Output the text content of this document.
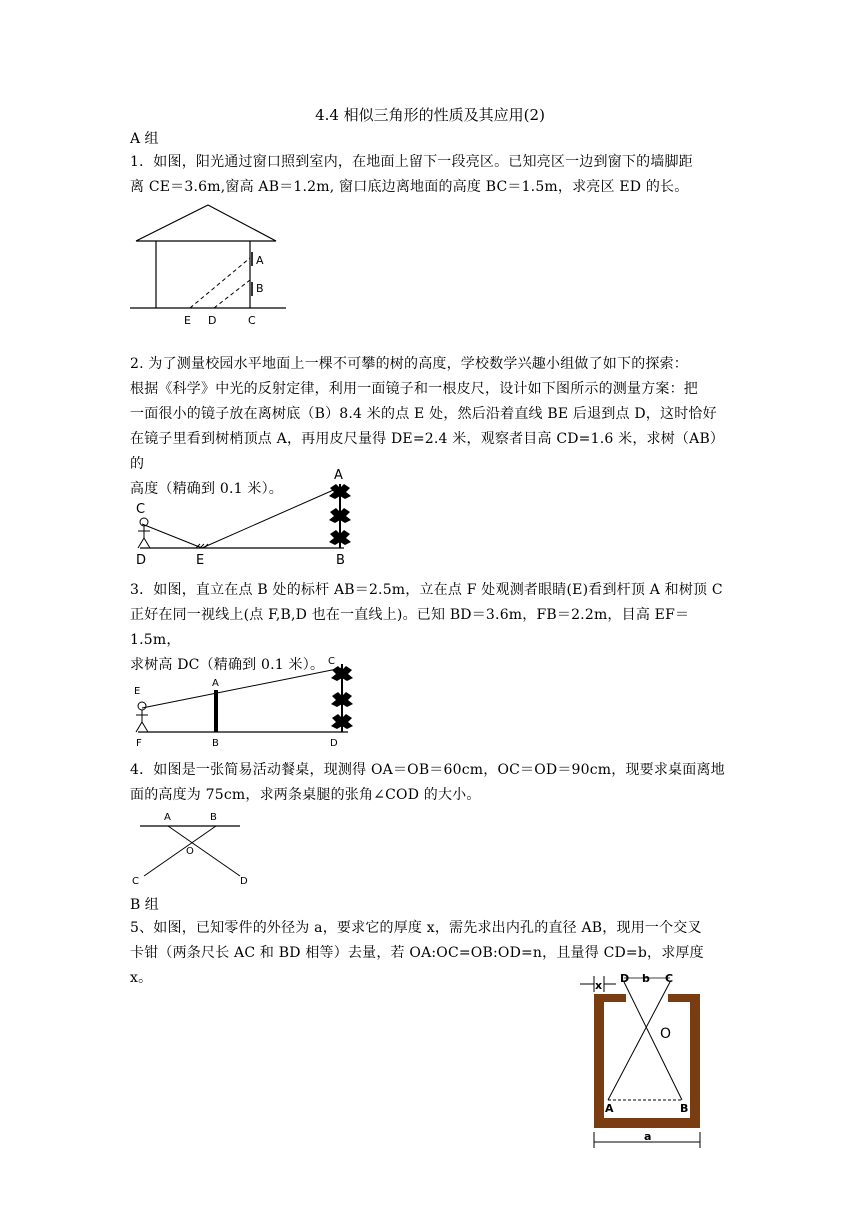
4.4 相似三角形的性质及其应用(2)
A 组
1．如图，阳光通过窗口照到室内，在地面上留下一段亮区。已知亮区一边到窗下的墙脚距
离 CE＝3.6m,窗高 AB＝1.2m, 窗口底边离地面的高度 BC＝1.5m，求亮区 ED 的长。
A
B
E D	C
2. 为了测量校园水平地面上一棵不可攀的树的高度，学校数学兴趣小组做了如下的探索：
根据《科学》中光的反射定律，利用一面镜子和一根皮尺，设计如下图所示的测量方案：把
一面很小的镜子放在离树底（B）8.4 米的点 E 处，然后沿着直线 BE 后退到点 D，这时恰好
在镜子里看到树梢顶点 A，再用皮尺量得 DE=2.4 米，观察者目高 CD=1.6 米，求树（AB）的
高度（精确到 0.1 米）。
A
B
C
D	E
3．如图，直立在点 B 处的标杆 AB＝2.5m，立在点 F 处观测者眼睛(E)看到杆顶 A 和树顶 C
正好在同一视线上(点 F,B,D 也在一直线上)。已知 BD＝3.6m，FB＝2.2m，目高 EF＝1.5m，
求树高 DC（精确到 0.1 米）。
A
B
C
D
E
F
4．如图是一张简易活动餐桌，现测得 OA＝OB＝60cm，OC＝OD＝90cm，现要求桌面离地
面的高度为 75cm，求两条桌腿的张角∠COD 的大小。
A	B
O
C	D
B 组
5、如图，已知零件的外径为 a，要求它的厚度 x，需先求出内孔的直径 AB，现用一个交叉
卡钳（两条尺长 AC 和 BD 相等）去量，若 OA:OC=OB:OD=n，且量得 CD=b，求厚度 x。	x
D b C
O
A	B
a
